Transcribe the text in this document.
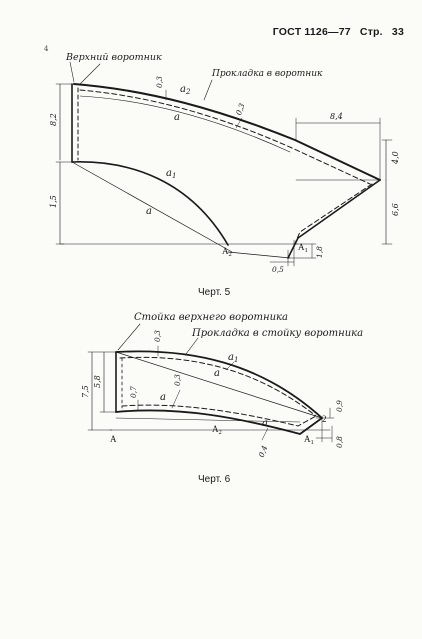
ГОСТ 1126—77 Стр. 33
4
Верхний воротник
Прокладка в воротник
$a_2$
a
$a_1$
a
$A_2$
$A_1$
0,3
0,3
8,2
1,5
8,4
4,0
6,6
0,5
1,8
Черт. 5
Стойка верхнего воротника
Прокладка в стойку воротника
$a_1$
a
a
a
A
$A_2$
$A_1$
2
7,5
5,8
0,3
0,3
0,7
0,4
0,9
0,8
Черт. 6
